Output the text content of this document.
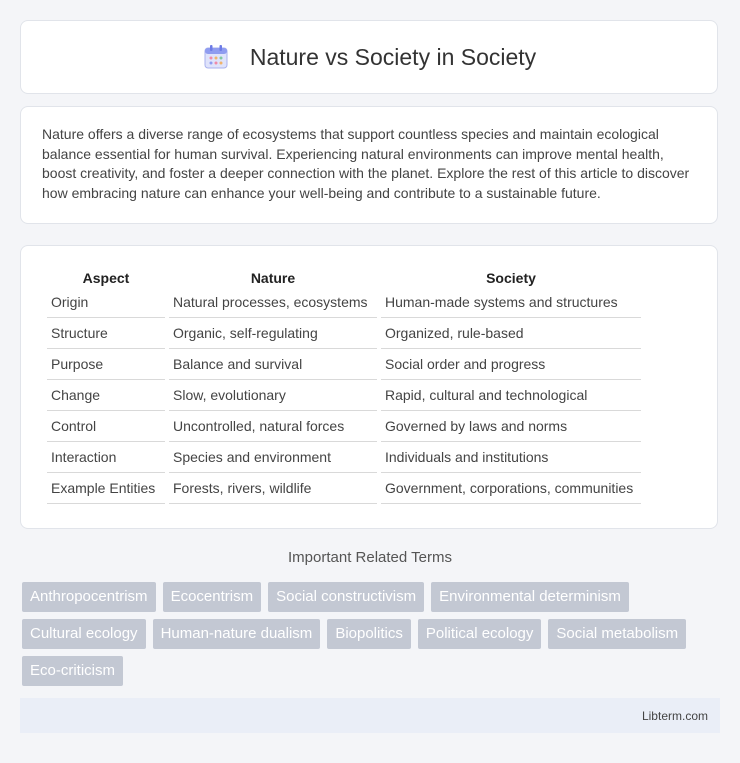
Nature vs Society in Society

Nature offers a diverse range of ecosystems that support countless species and maintain ecological balance essential for human survival. Experiencing natural environments can improve mental health, boost creativity, and foster a deeper connection with the planet. Explore the rest of this article to discover how embracing nature can enhance your well-being and contribute to a sustainable future.

Aspect	Nature	Society
Origin	Natural processes, ecosystems	Human-made systems and structures
Structure	Organic, self-regulating	Organized, rule-based
Purpose	Balance and survival	Social order and progress
Change	Slow, evolutionary	Rapid, cultural and technological
Control	Uncontrolled, natural forces	Governed by laws and norms
Interaction	Species and environment	Individuals and institutions
Example Entities	Forests, rivers, wildlife	Government, corporations, communities
Important Related Terms
Anthropocentrism	Ecocentrism	Social constructivism	Environmental determinism
Cultural ecology	Human-nature dualism	Biopolitics	Political ecology	Social metabolism
Eco-criticism
Libterm.com
